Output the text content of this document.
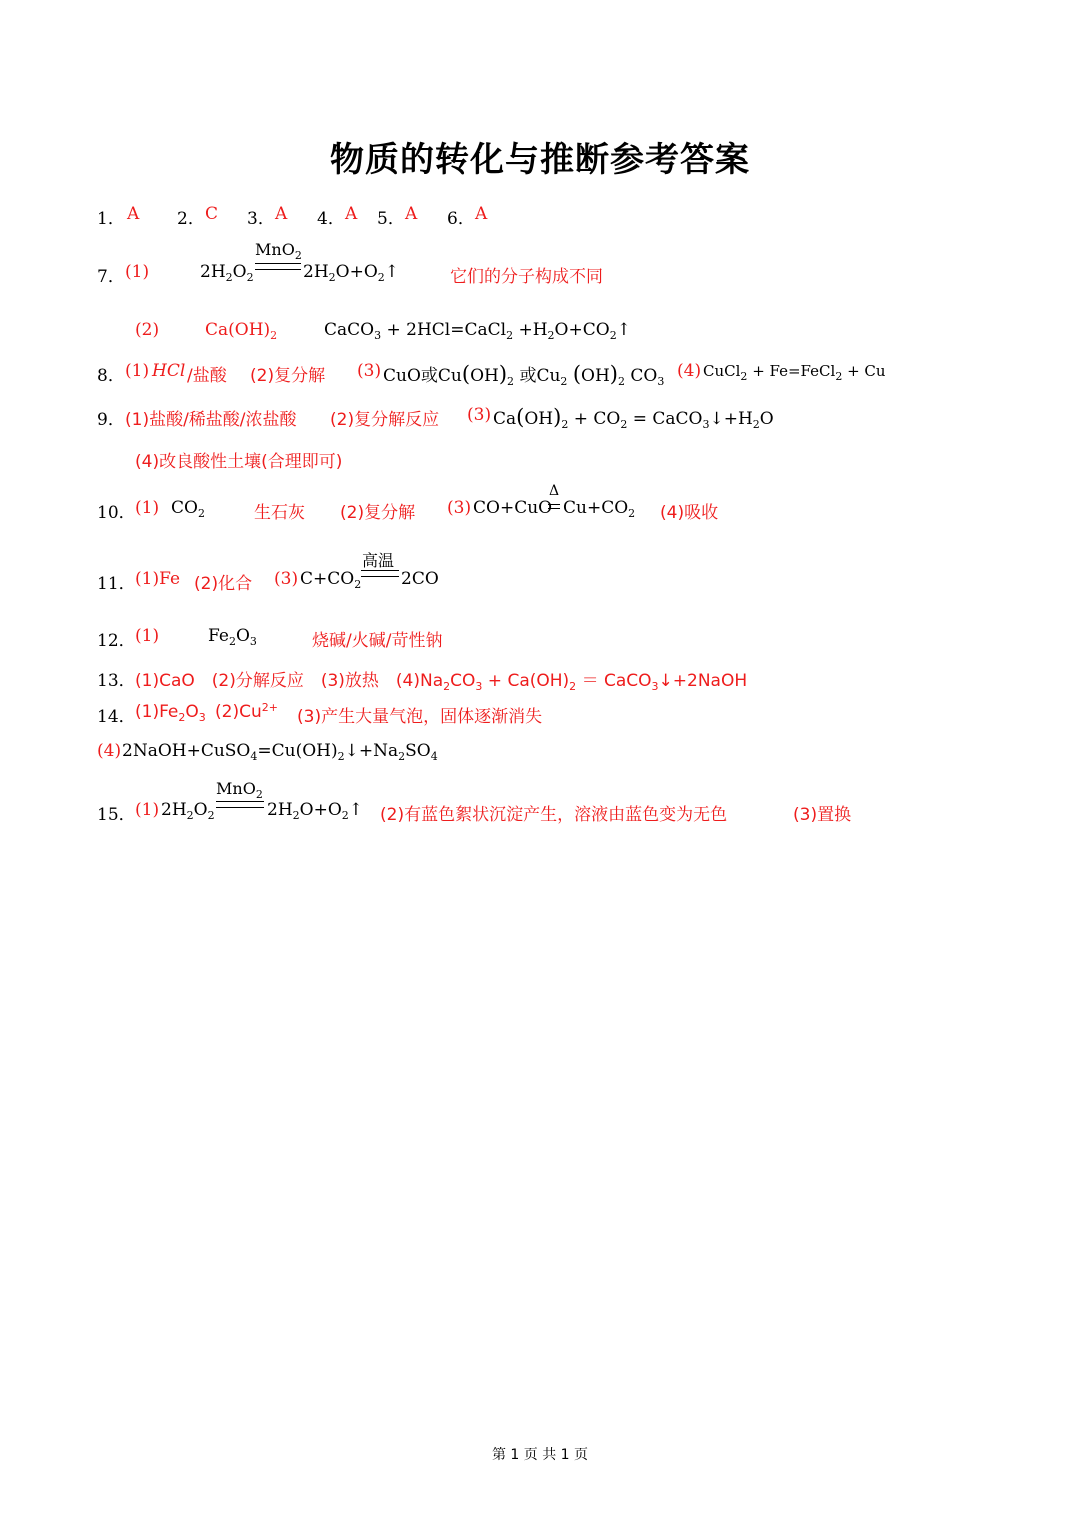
物质的转化与推断参考答案
1． A 2． C 3． A 4． A 5． A 6． A
7． (1)	$2H_2O_2$
MnO$_2$
$2H_2O+O_2↑$	它们的分子构成不同
(2)	$Ca(OH)_2$	CaCO$_3$ + 2HCl=CaCl$_2$ $+H_2O+CO_2↑$
8． (1) HCl /盐酸 (2)复分解 (3) CuO或$Cu(OH)_2$ 或$Cu_2$ $(OH)_2$ $CO_3$
(4) CuCl$_2$ + Fe=FeCl$_2$ + Cu
9． (1)盐酸/稀盐酸/浓盐酸 (2)复分解反应 (3) $Ca(OH)_2 + CO_2$ = $CaCO_3↓+H_2O$
(4)改良酸性土壤(合理即可)
10． (1) $CO_2$	生石灰 (2)复分解 (3) CO+CuO
Δ
$Cu+CO_2$ (4)吸收
11． (1)Fe (2)化合 (3) $C+CO_2$
高温
2CO
12． (1)	$Fe_2O_3$	烧碱/火碱/苛性钠
13． (1)CaO　(2)分解反应　(3)放热　$(4)Na_2CO_3 + Ca(OH)_2$ ＝ CaCO$_3$↓+2NaOH
14． $(1)Fe_2O_3$ $(2)Cu^{2+}$ (3)产生大量气泡，固体逐渐消失
(4) $2NaOH+CuSO_4=Cu(OH)_2↓+Na_2SO_4$
15． (1) $2H_2O_2$
MnO$_2$
$2H_2O+O_2↑$ (2)有蓝色絮状沉淀产生，溶液由蓝色变为无色	(3)置换
第 1 页 共 1 页
